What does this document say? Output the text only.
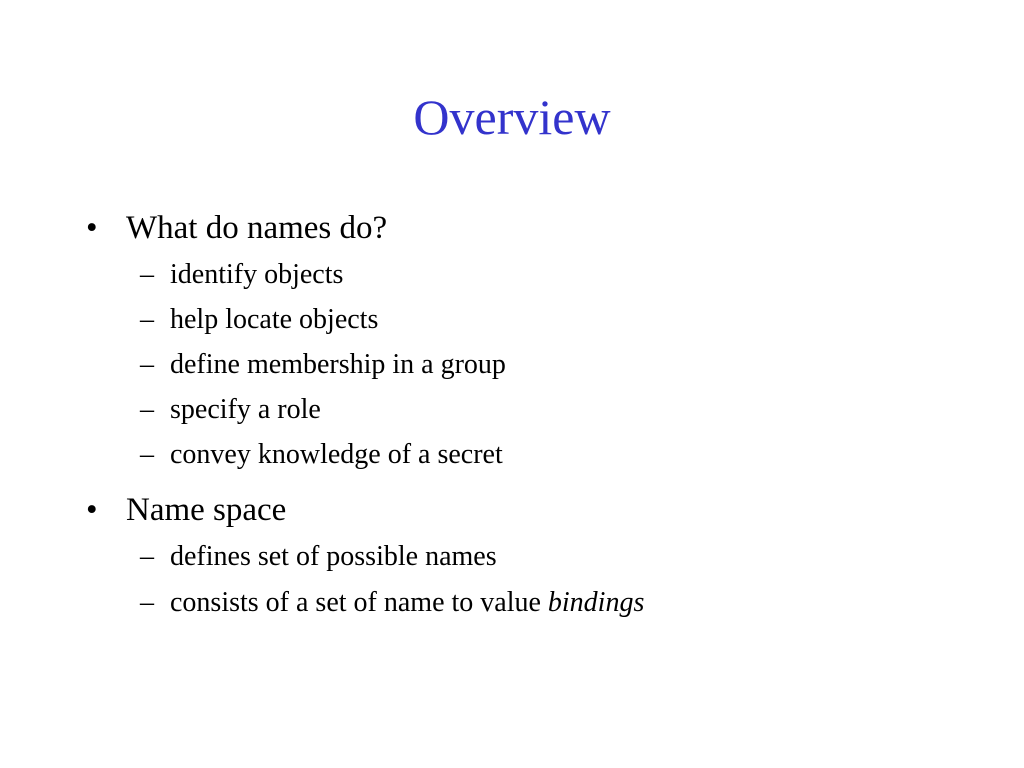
Overview
• What do names do?
– identify objects
– help locate objects
– define membership in a group
– specify a role
– convey knowledge of a secret
• Name space
– defines set of possible names
– consists of a set of name to value bindings
